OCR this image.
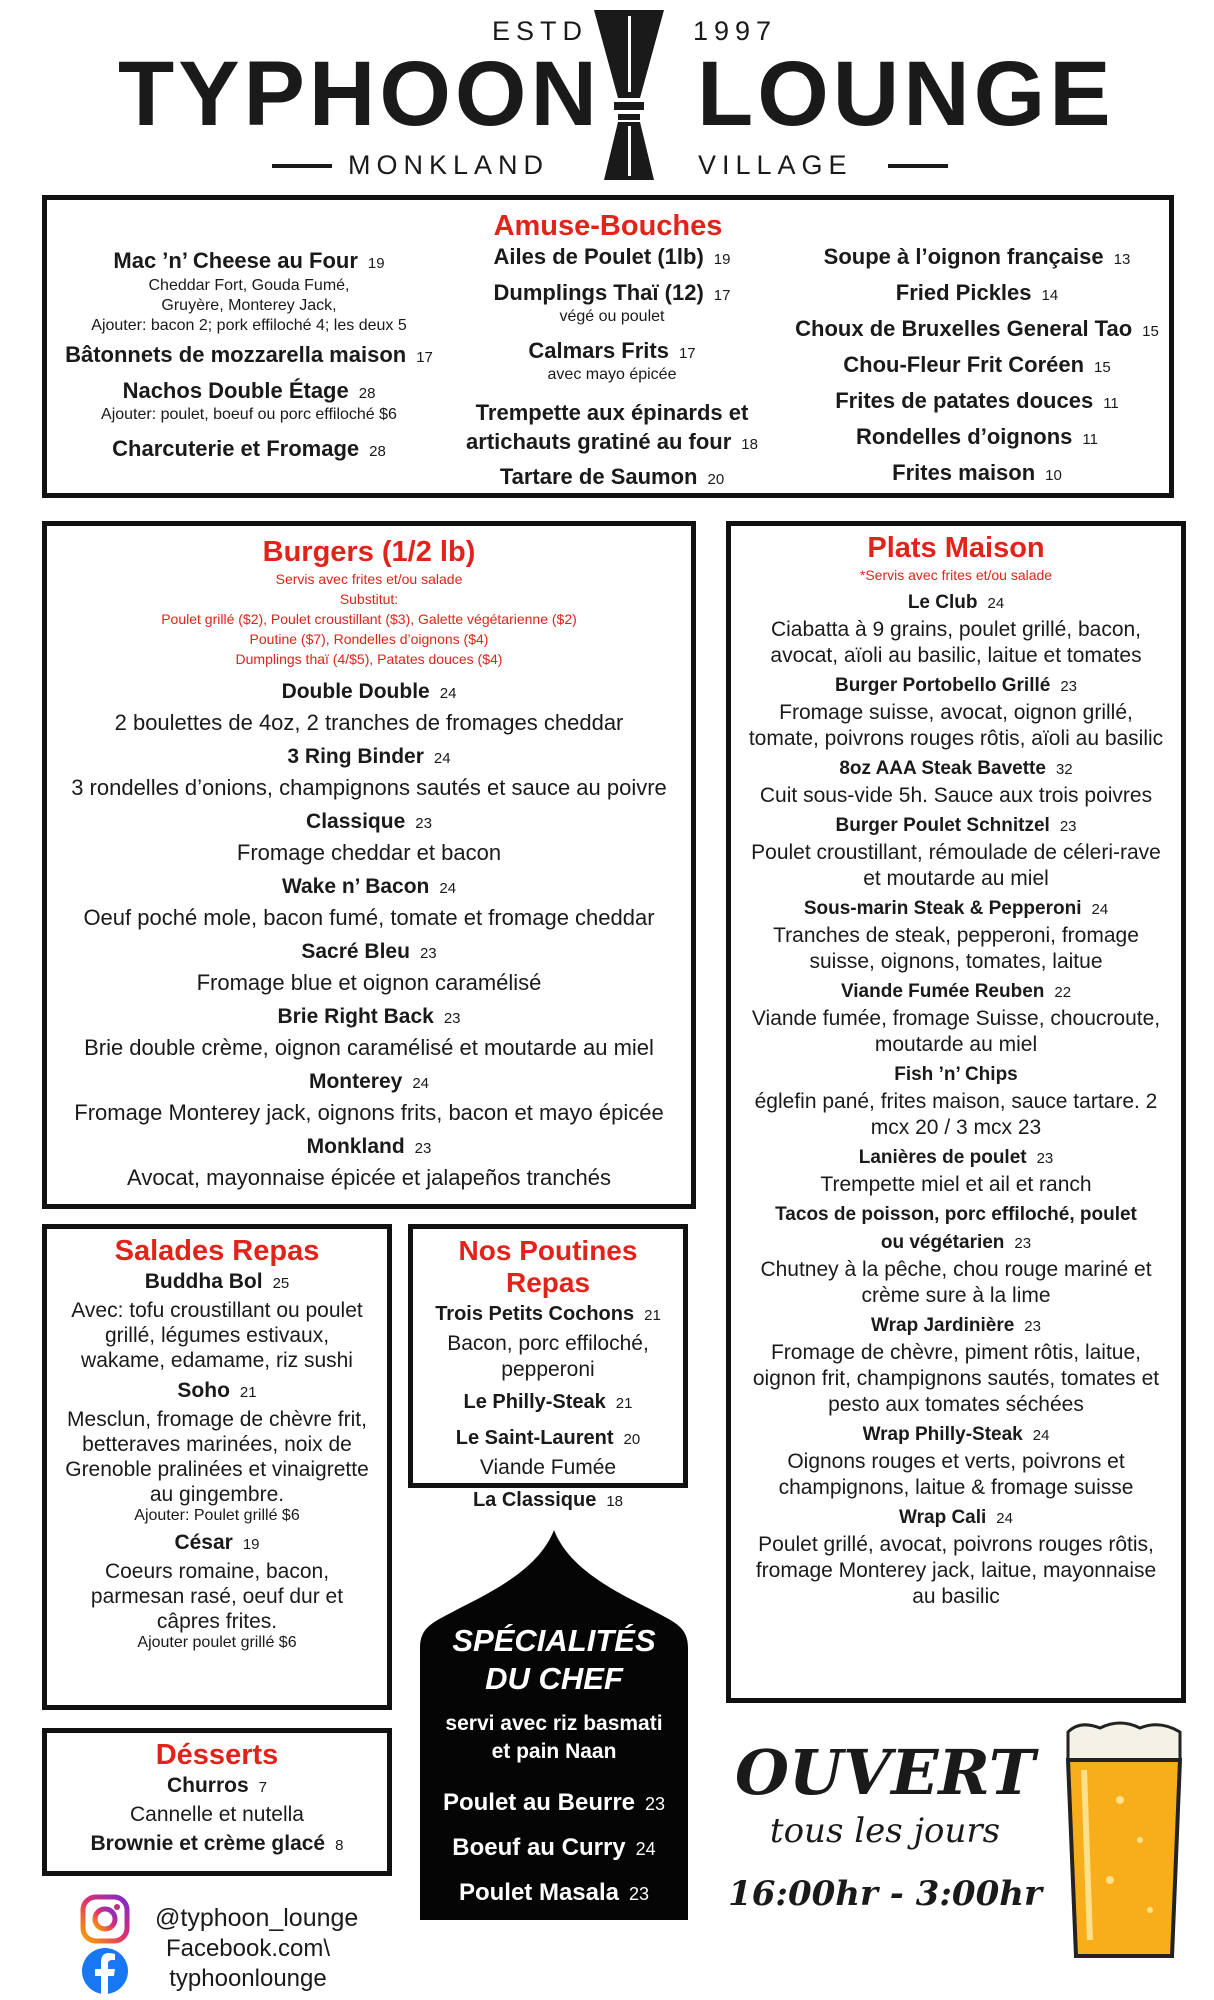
ESTD	1997
TYPHOON LOUNGE
MONKLAND	VILLAGE
Amuse-Bouches
Mac ’n’ Cheese au Four 19
Cheddar Fort, Gouda Fumé,
Gruyère, Monterey Jack,
Ajouter: bacon 2; pork effiloché 4; les deux 5
Bâtonnets de mozzarella maison 17
Nachos Double Étage 28
Ajouter: poulet, boeuf ou porc effiloché $6
Charcuterie et Fromage 28
Ailes de Poulet (1lb) 19
Dumplings Thaï (12) 17
végé ou poulet
Calmars Frits 17
avec mayo épicée
Trempette aux épinards et
artichauts gratiné au four 18
Tartare de Saumon 20
Soupe à l’oignon française 13
Fried Pickles 14
Choux de Bruxelles General Tao 15
Chou-Fleur Frit Coréen 15
Frites de patates douces 11
Rondelles d’oignons 11
Frites maison 10
Burgers (1/2 lb)
Servis avec frites et/ou salade
Substitut:
Poulet grillé ($2), Poulet croustillant ($3), Galette végétarienne ($2)
Poutine ($7), Rondelles d’oignons ($4)
Dumplings thaï (4/$5), Patates douces ($4)
Double Double 24
2 boulettes de 4oz, 2 tranches de fromages cheddar
3 Ring Binder 24
3 rondelles d’onions, champignons sautés et sauce au poivre
Classique 23
Fromage cheddar et bacon
Wake n’ Bacon 24
Oeuf poché mole, bacon fumé, tomate et fromage cheddar
Sacré Bleu 23
Fromage blue et oignon caramélisé
Brie Right Back 23
Brie double crème, oignon caramélisé et moutarde au miel
Monterey 24
Fromage Monterey jack, oignons frits, bacon et mayo épicée
Monkland 23
Avocat, mayonnaise épicée et jalapeños tranchés
Plats Maison
*Servis avec frites et/ou salade
Le Club 24
Ciabatta à 9 grains, poulet grillé, bacon,
avocat, aïoli au basilic, laitue et tomates
Burger Portobello Grillé 23
Fromage suisse, avocat, oignon grillé,
tomate, poivrons rouges rôtis, aïoli au basilic
8oz AAA Steak Bavette 32
Cuit sous-vide 5h. Sauce aux trois poivres
Burger Poulet Schnitzel 23
Poulet croustillant, rémoulade de céleri-rave
et moutarde au miel
Sous-marin Steak & Pepperoni 24
Tranches de steak, pepperoni, fromage
suisse, oignons, tomates, laitue
Viande Fumée Reuben 22
Viande fumée, fromage Suisse, choucroute,
moutarde au miel
Fish ’n’ Chips
églefin pané, frites maison, sauce tartare. 2
mcx 20 / 3 mcx 23
Lanières de poulet 23
Trempette miel et ail et ranch
Tacos de poisson, porc effiloché, poulet
ou végétarien 23
Chutney à la pêche, chou rouge mariné et
crème sure à la lime
Wrap Jardinière 23
Fromage de chèvre, piment rôtis, laitue,
oignon frit, champignons sautés, tomates et
pesto aux tomates séchées
Wrap Philly-Steak 24
Oignons rouges et verts, poivrons et
champignons, laitue & fromage suisse
Wrap Cali 24
Poulet grillé, avocat, poivrons rouges rôtis,
fromage Monterey jack, laitue, mayonnaise
au basilic
Salades Repas
Buddha Bol 25
Avec: tofu croustillant ou poulet
grillé, légumes estivaux,
wakame, edamame, riz sushi
Soho 21
Mesclun, fromage de chèvre frit,
betteraves marinées, noix de
Grenoble pralinées et vinaigrette
au gingembre.
Ajouter: Poulet grillé $6
César 19
Coeurs romaine, bacon,
parmesan rasé, oeuf dur et
câpres frites.
Ajouter poulet grillé $6
Nos Poutines Repas
Trois Petits Cochons 21
Bacon, porc effiloché,
pepperoni
Le Philly-Steak 21
Le Saint-Laurent 20
Viande Fumée
La Classique 18
Désserts
Churros 7
Cannelle et nutella
Brownie et crème glacé 8
SPÉCIALITÉS
DU CHEF
servi avec riz basmati
et pain Naan
Poulet au Beurre 23
Boeuf au Curry 24
Poulet Masala 23
OUVERT
tous les jours
16:00hr - 3:00hr
@typhoon_lounge
Facebook.com\
typhoonlounge
